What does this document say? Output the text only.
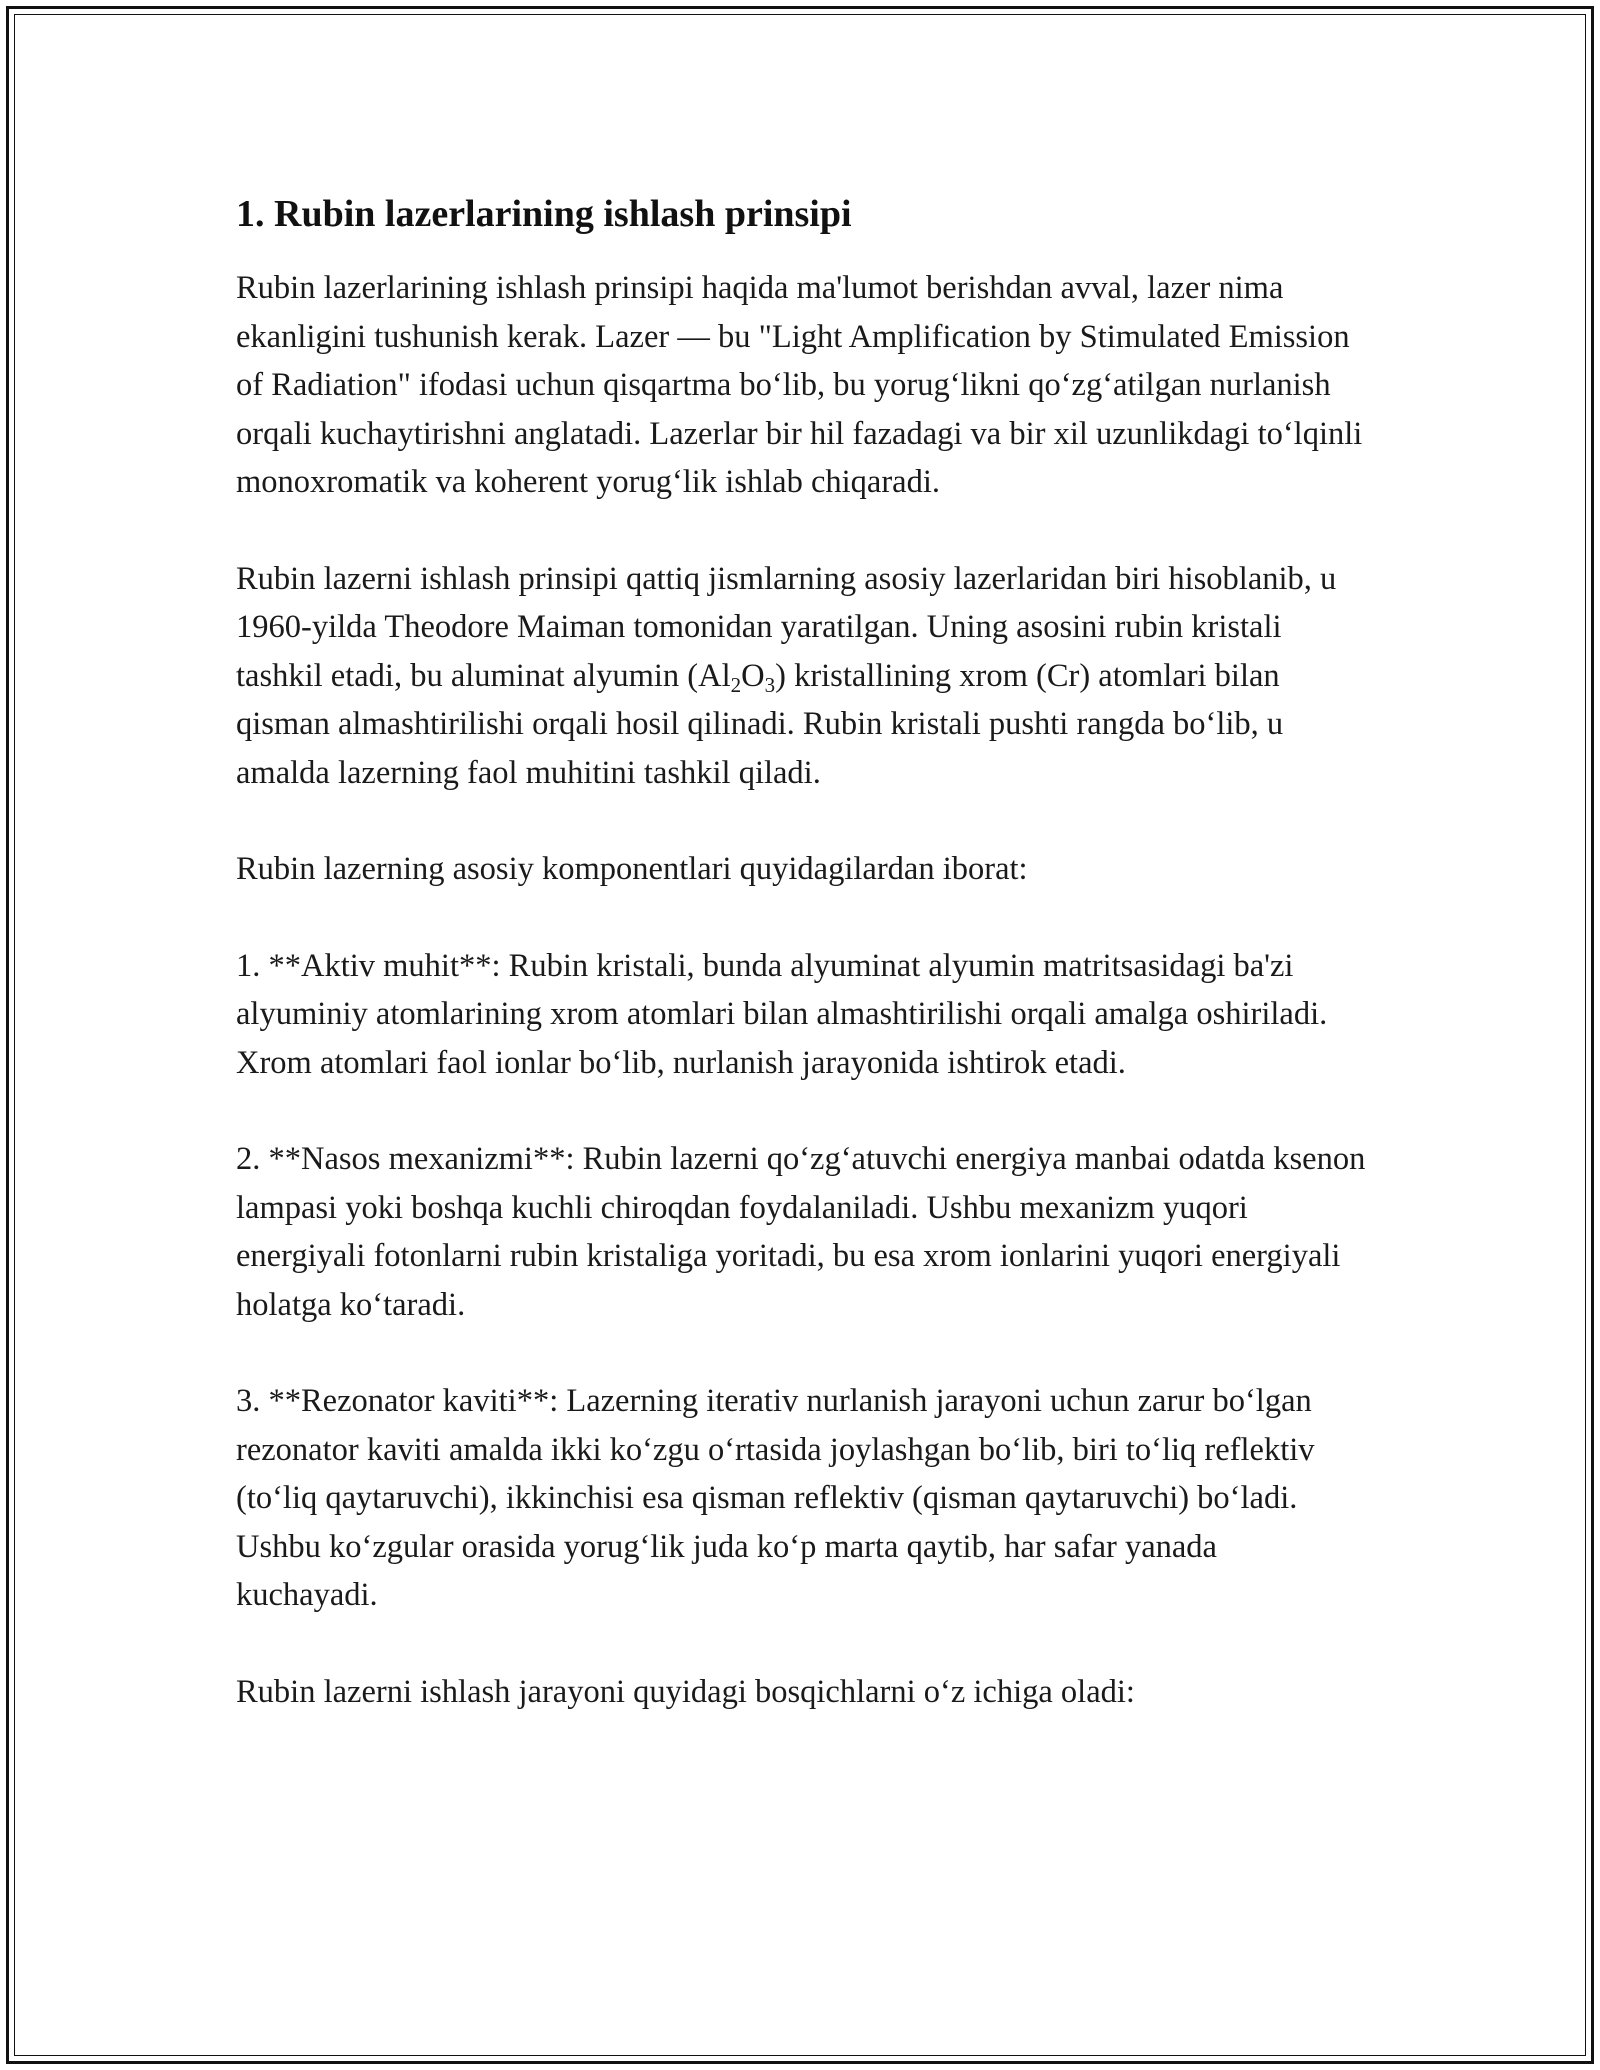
1. Rubin lazerlarining ishlash prinsipi

Rubin lazerlarining ishlash prinsipi haqida ma'lumot berishdan avval, lazer nima ekanligini tushunish kerak. Lazer — bu "Light Amplification by Stimulated Emission of Radiation" ifodasi uchun qisqartma bo‘lib, bu yorug‘likni qo‘zg‘atilgan nurlanish orqali kuchaytirishni anglatadi. Lazerlar bir hil fazadagi va bir xil uzunlikdagi to‘lqinli monoxromatik va koherent yorug‘lik ishlab chiqaradi.

Rubin lazerni ishlash prinsipi qattiq jismlarning asosiy lazerlaridan biri hisoblanib, u 1960-yilda Theodore Maiman tomonidan yaratilgan. Uning asosini rubin kristali tashkil etadi, bu aluminat alyumin $(Al_2O_3)$ kristallining xrom (Cr) atomlari bilan qisman almashtirilishi orqali hosil qilinadi. Rubin kristali pushti rangda bo‘lib, u amalda lazerning faol muhitini tashkil qiladi.

Rubin lazerning asosiy komponentlari quyidagilardan iborat:

1. **Aktiv muhit**: Rubin kristali, bunda alyuminat alyumin matritsasidagi ba'zi alyuminiy atomlarining xrom atomlari bilan almashtirilishi orqali amalga oshiriladi. Xrom atomlari faol ionlar bo‘lib, nurlanish jarayonida ishtirok etadi.

2. **Nasos mexanizmi**: Rubin lazerni qo‘zg‘atuvchi energiya manbai odatda ksenon lampasi yoki boshqa kuchli chiroqdan foydalaniladi. Ushbu mexanizm yuqori energiyali fotonlarni rubin kristaliga yoritadi, bu esa xrom ionlarini yuqori energiyali holatga ko‘taradi.

3. **Rezonator kaviti**: Lazerning iterativ nurlanish jarayoni uchun zarur bo‘lgan rezonator kaviti amalda ikki ko‘zgu o‘rtasida joylashgan bo‘lib, biri to‘liq reflektiv (to‘liq qaytaruvchi), ikkinchisi esa qisman reflektiv (qisman qaytaruvchi) bo‘ladi. Ushbu ko‘zgular orasida yorug‘lik juda ko‘p marta qaytib, har safar yanada kuchayadi.

Rubin lazerni ishlash jarayoni quyidagi bosqichlarni o‘z ichiga oladi:
